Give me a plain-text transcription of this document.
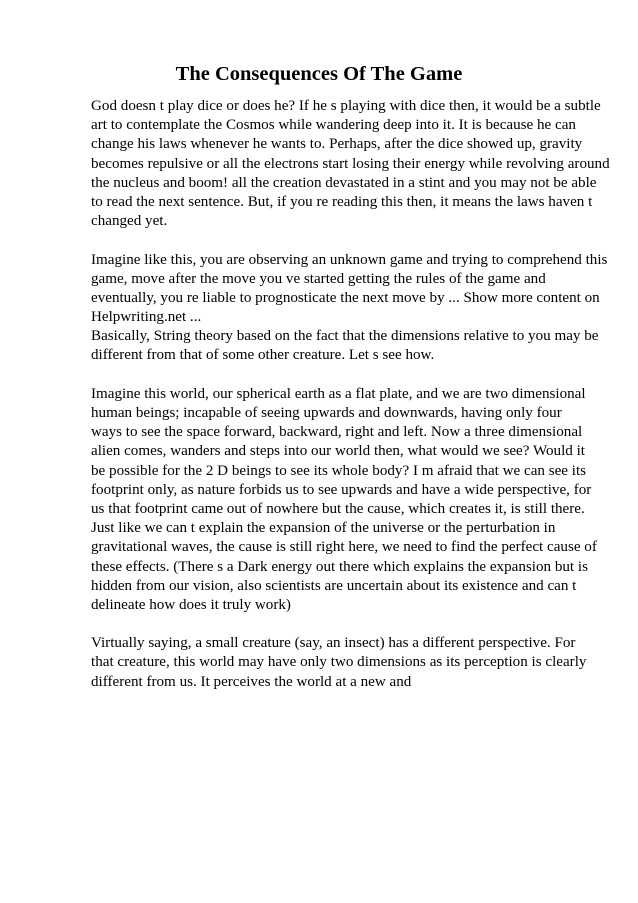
The Consequences Of The Game
God doesn t play dice or does he? If he s playing with dice then, it would be a subtle
art to contemplate the Cosmos while wandering deep into it. It is because he can
change his laws whenever he wants to. Perhaps, after the dice showed up, gravity
becomes repulsive or all the electrons start losing their energy while revolving around
the nucleus and boom! all the creation devastated in a stint and you may not be able
to read the next sentence. But, if you re reading this then, it means the laws haven t
changed yet.
Imagine like this, you are observing an unknown game and trying to comprehend this
game, move after the move you ve started getting the rules of the game and
eventually, you re liable to prognosticate the next move by ... Show more content on
Helpwriting.net ...
Basically, String theory based on the fact that the dimensions relative to you may be
different from that of some other creature. Let s see how.
Imagine this world, our spherical earth as a flat plate, and we are two dimensional
human beings; incapable of seeing upwards and downwards, having only four
ways to see the space forward, backward, right and left. Now a three dimensional
alien comes, wanders and steps into our world then, what would we see? Would it
be possible for the 2 D beings to see its whole body? I m afraid that we can see its
footprint only, as nature forbids us to see upwards and have a wide perspective, for
us that footprint came out of nowhere but the cause, which creates it, is still there.
Just like we can t explain the expansion of the universe or the perturbation in
gravitational waves, the cause is still right here, we need to find the perfect cause of
these effects. (There s a Dark energy out there which explains the expansion but is
hidden from our vision, also scientists are uncertain about its existence and can t
delineate how does it truly work)
Virtually saying, a small creature (say, an insect) has a different perspective. For
that creature, this world may have only two dimensions as its perception is clearly
different from us. It perceives the world at a new and
